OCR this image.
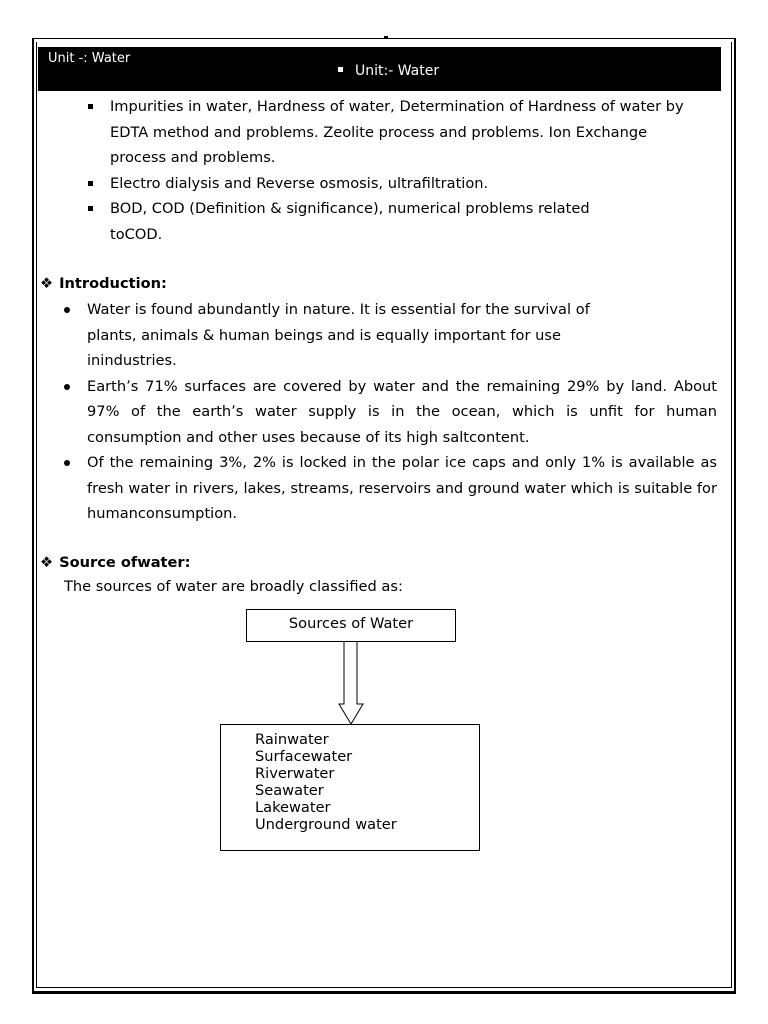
Unit -: Water
Unit:- Water
Impurities in water, Hardness of water, Determination of Hardness of water by EDTA method and problems. Zeolite process and problems. Ion Exchange process and problems.
Electro dialysis and Reverse osmosis, ultrafiltration.
BOD, COD (Definition & significance), numerical problems related toCOD.
❖ Introduction:
Water is found abundantly in nature. It is essential for the survival of plants, animals & human beings and is equally important for use inindustries.
Earth’s 71% surfaces are covered by water and the remaining 29% by land. About 97% of the earth’s water supply is in the ocean, which is unfit for human consumption and other uses because of its high saltcontent.
Of the remaining 3%, 2% is locked in the polar ice caps and only 1% is available as fresh water in rivers, lakes, streams, reservoirs and ground water which is suitable for humanconsumption.
❖ Source ofwater:
The sources of water are broadly classified as:
Sources of Water
Rainwater
Surfacewater
Riverwater
Seawater
Lakewater
Underground water
